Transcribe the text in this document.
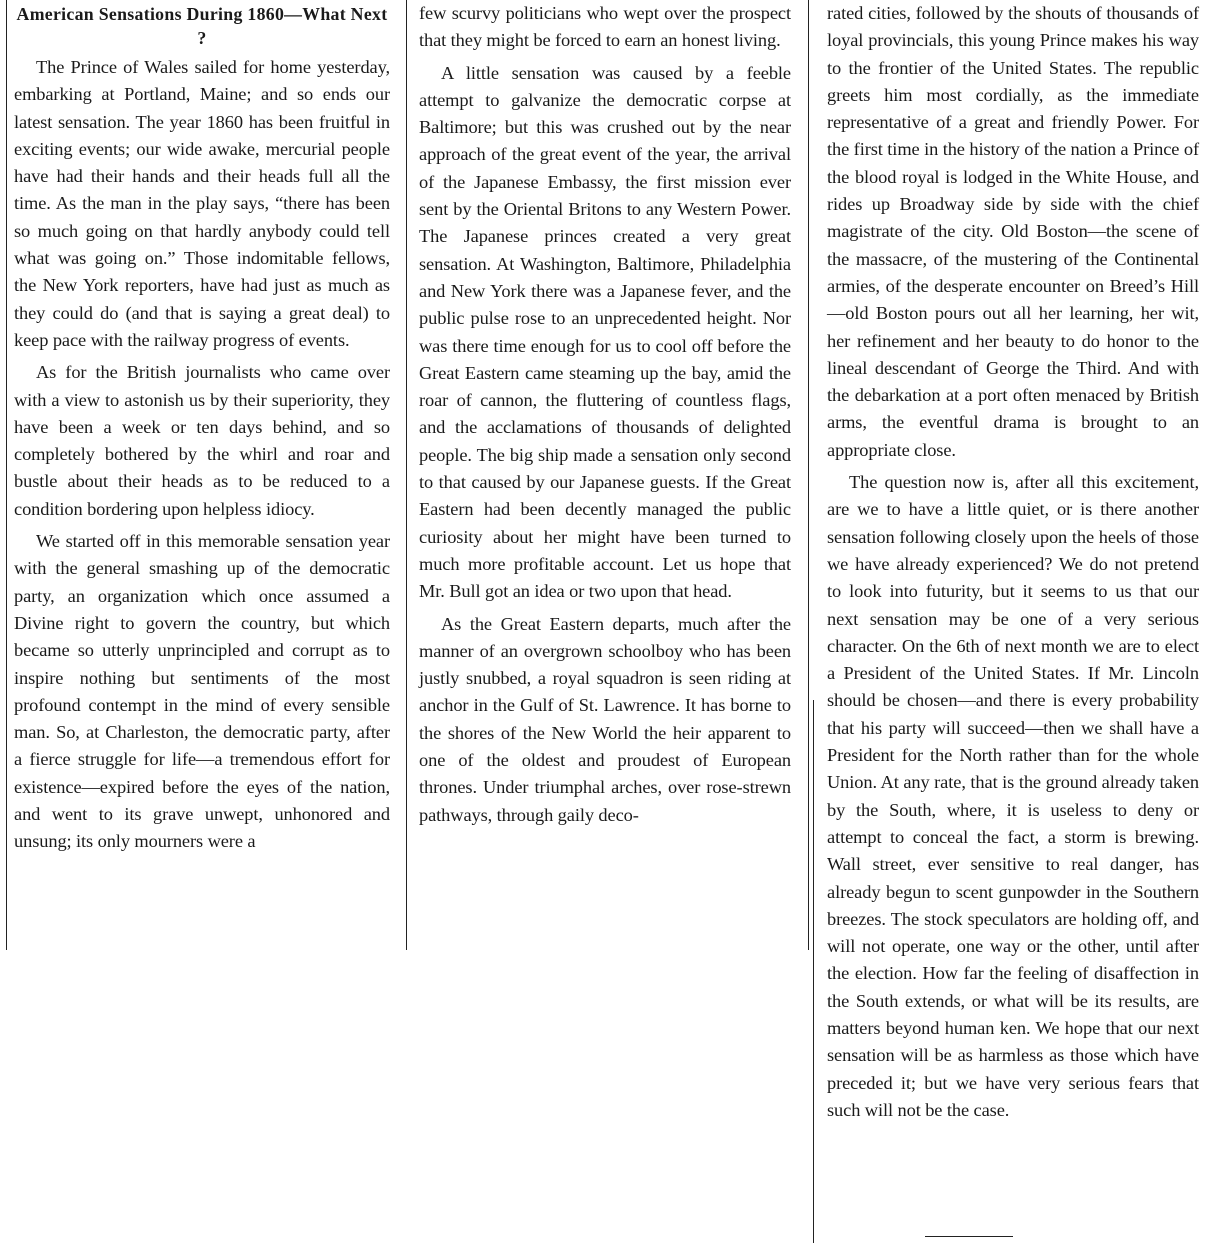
American Sensations During 1860—What Next ?

The Prince of Wales sailed for home yesterday, embarking at Portland, Maine; and so ends our latest sensation. The year 1860 has been fruitful in exciting events; our wide awake, mercurial people have had their hands and their heads full all the time. As the man in the play says, “there has been so much going on that hardly anybody could tell what was going on.” Those indomitable fellows, the New York reporters, have had just as much as they could do (and that is saying a great deal) to keep pace with the railway progress of events.

As for the British journalists who came over with a view to astonish us by their superiority, they have been a week or ten days behind, and so completely bothered by the whirl and roar and bustle about their heads as to be reduced to a condition bordering upon helpless idiocy.

We started off in this memorable sensation year with the general smashing up of the democratic party, an organization which once assumed a Divine right to govern the country, but which became so utterly unprincipled and corrupt as to inspire nothing but sentiments of the most profound contempt in the mind of every sensible man. So, at Charleston, the democratic party, after a fierce struggle for life—a tremendous effort for existence—expired before the eyes of the nation, and went to its grave unwept, unhonored and unsung; its only mourners were a

few scurvy politicians who wept over the prospect that they might be forced to earn an honest living.

A little sensation was caused by a feeble attempt to galvanize the democratic corpse at Baltimore; but this was crushed out by the near approach of the great event of the year, the arrival of the Japanese Embassy, the first mission ever sent by the Oriental Britons to any Western Power. The Japanese princes created a very great sensation. At Washington, Baltimore, Philadelphia and New York there was a Japanese fever, and the public pulse rose to an unprecedented height. Nor was there time enough for us to cool off before the Great Eastern came steaming up the bay, amid the roar of cannon, the fluttering of countless flags, and the acclamations of thousands of delighted people. The big ship made a sensation only second to that caused by our Japanese guests. If the Great Eastern had been decently managed the public curiosity about her might have been turned to much more profitable account. Let us hope that Mr. Bull got an idea or two upon that head.

As the Great Eastern departs, much after the manner of an overgrown schoolboy who has been justly snubbed, a royal squadron is seen riding at anchor in the Gulf of St. Lawrence. It has borne to the shores of the New World the heir apparent to one of the oldest and proudest of European thrones. Under triumphal arches, over rose-strewn pathways, through gaily deco-

rated cities, followed by the shouts of thousands of loyal provincials, this young Prince makes his way to the frontier of the United States. The republic greets him most cordially, as the immediate representative of a great and friendly Power. For the first time in the history of the nation a Prince of the blood royal is lodged in the White House, and rides up Broadway side by side with the chief magistrate of the city. Old Boston—the scene of the massacre, of the mustering of the Continental armies, of the desperate encounter on Breed’s Hill—old Boston pours out all her learning, her wit, her refinement and her beauty to do honor to the lineal descendant of George the Third. And with the debarkation at a port often menaced by British arms, the eventful drama is brought to an appropriate close.

The question now is, after all this excitement, are we to have a little quiet, or is there another sensation following closely upon the heels of those we have already experienced? We do not pretend to look into futurity, but it seems to us that our next sensation may be one of a very serious character. On the 6th of next month we are to elect a President of the United States. If Mr. Lincoln should be chosen—and there is every probability that his party will succeed—then we shall have a President for the North rather than for the whole Union. At any rate, that is the ground already taken by the South, where, it is useless to deny or attempt to conceal the fact, a storm is brewing. Wall street, ever sensitive to real danger, has already begun to scent gunpowder in the Southern breezes. The stock speculators are holding off, and will not operate, one way or the other, until after the election. How far the feeling of disaffection in the South extends, or what will be its results, are matters beyond human ken. We hope that our next sensation will be as harmless as those which have preceded it; but we have very serious fears that such will not be the case.
